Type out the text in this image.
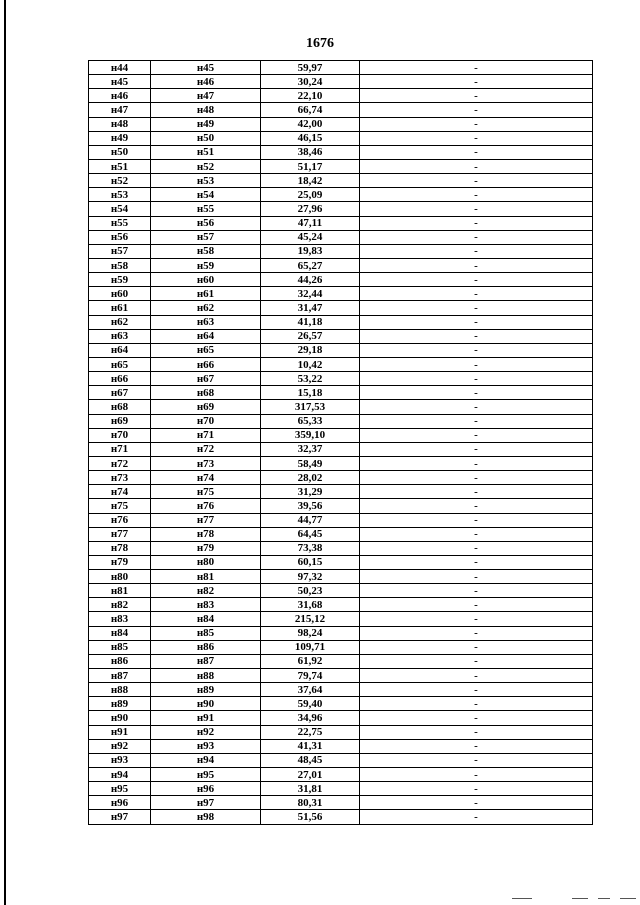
1676
н44	н45	59,97	-
н45	н46	30,24	-
н46	н47	22,10	-
н47	н48	66,74	-
н48	н49	42,00	-
н49	н50	46,15	-
н50	н51	38,46	-
н51	н52	51,17	-
н52	н53	18,42	-
н53	н54	25,09	-
н54	н55	27,96	-
н55	н56	47,11	-
н56	н57	45,24	-
н57	н58	19,83	-
н58	н59	65,27	-
н59	н60	44,26	-
н60	н61	32,44	-
н61	н62	31,47	-
н62	н63	41,18	-
н63	н64	26,57	-
н64	н65	29,18	-
н65	н66	10,42	-
н66	н67	53,22	-
н67	н68	15,18	-
н68	н69	317,53	-
н69	н70	65,33	-
н70	н71	359,10	-
н71	н72	32,37	-
н72	н73	58,49	-
н73	н74	28,02	-
н74	н75	31,29	-
н75	н76	39,56	-
н76	н77	44,77	-
н77	н78	64,45	-
н78	н79	73,38	-
н79	н80	60,15	-
н80	н81	97,32	-
н81	н82	50,23	-
н82	н83	31,68	-
н83	н84	215,12	-
н84	н85	98,24	-
н85	н86	109,71	-
н86	н87	61,92	-
н87	н88	79,74	-
н88	н89	37,64	-
н89	н90	59,40	-
н90	н91	34,96	-
н91	н92	22,75	-
н92	н93	41,31	-
н93	н94	48,45	-
н94	н95	27,01	-
н95	н96	31,81	-
н96	н97	80,31	-
н97	н98	51,56	-
